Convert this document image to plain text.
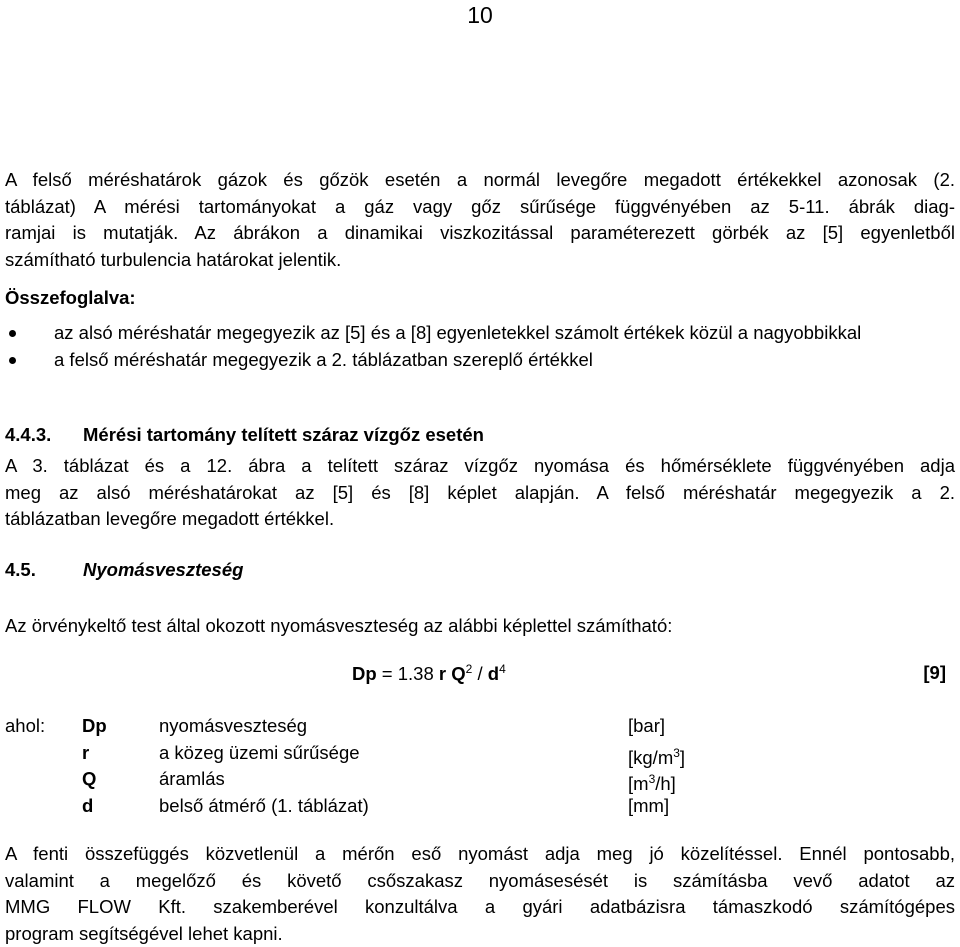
10
A felső méréshatárok gázok és gőzök esetén a normál levegőre megadott értékekkel azonosak (2.
táblázat) A mérési tartományokat a gáz vagy gőz sűrűsége függvényében az 5-11. ábrák diag-
ramjai is mutatják. Az ábrákon a dinamikai viszkozitással paraméterezett görbék az [5] egyenletből
számítható turbulencia határokat jelentik.
Összefoglalva:
az alsó méréshatár megegyezik az [5] és a [8] egyenletekkel számolt értékek közül a nagyobbikkal
a felső méréshatár megegyezik a 2. táblázatban szereplő értékkel
4.4.3. Mérési tartomány telített száraz vízgőz esetén
A 3. táblázat és a 12. ábra a telített száraz vízgőz nyomása és hőmérséklete függvényében adja
meg az alsó méréshatárokat az [5] és [8] képlet alapján. A felső méréshatár megegyezik a 2.
táblázatban levegőre megadott értékkel.
4.5.	Nyomásveszteség
Az örvénykeltő test által okozott nyomásveszteség az alábbi képlettel számítható:
Dp = 1.38 r $Q^2 / d^4$	[9]
ahol: Dp	nyomásveszteség	[bar]
r	a közeg üzemi sűrűsége	$[kg/m^3]$
Q	áramlás	$[m^3/h]$
d	belső átmérő (1. táblázat)	[mm]
A fenti összefüggés közvetlenül a mérőn eső nyomást adja meg jó közelítéssel. Ennél pontosabb,
valamint a megelőző és követő csőszakasz nyomásesését is számításba vevő adatot az
MMG FLOW Kft. szakemberével konzultálva a gyári adatbázisra támaszkodó számítógépes
program segítségével lehet kapni.
